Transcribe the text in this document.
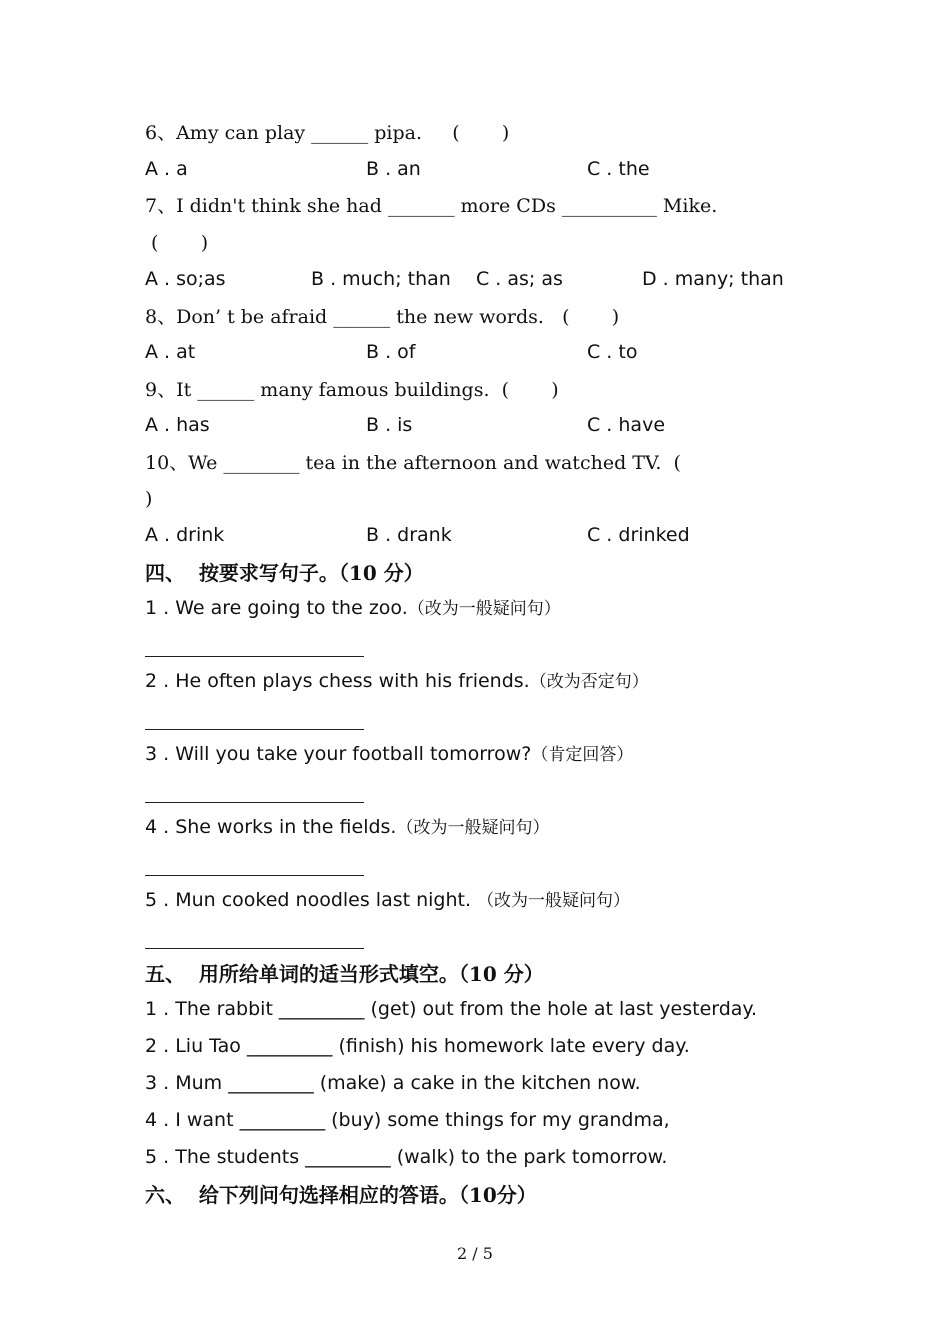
6、Amy can play ______ pipa.     (       )
A . a	B . an	C . the
7、I didn't think she had _______ more CDs __________ Mike.
(       )
A . so;as	B . much; than C . as; as	D . many; than
8、Don’ t be afraid ______ the new words.   (       )
A . at	B . of	C . to
9、It ______ many famous buildings.  (       )
A . has	B . is	C . have
10、We ________ tea in the afternoon and watched TV.  (
)
A . drink	B . drank	C . drinked
四、  按要求写句子。（10 分）
1 . We are going to the zoo.（改为一般疑问句）
2 . He often plays chess with his friends.（改为否定句）
3 . Will you take your football tomorrow?（肯定回答）
4 . She works in the fields.（改为一般疑问句）
5 . Mun cooked noodles last night. （改为一般疑问句）
五、  用所给单词的适当形式填空。（10 分）
1 . The rabbit _________ (get) out from the hole at last yesterday.
2 . Liu Tao _________ (finish) his homework late every day.
3 . Mum _________ (make) a cake in the kitchen now.
4 . I want _________ (buy) some things for my grandma,
5 . The students _________ (walk) to the park tomorrow.
六、  给下列问句选择相应的答语。（10分）
2 / 5
